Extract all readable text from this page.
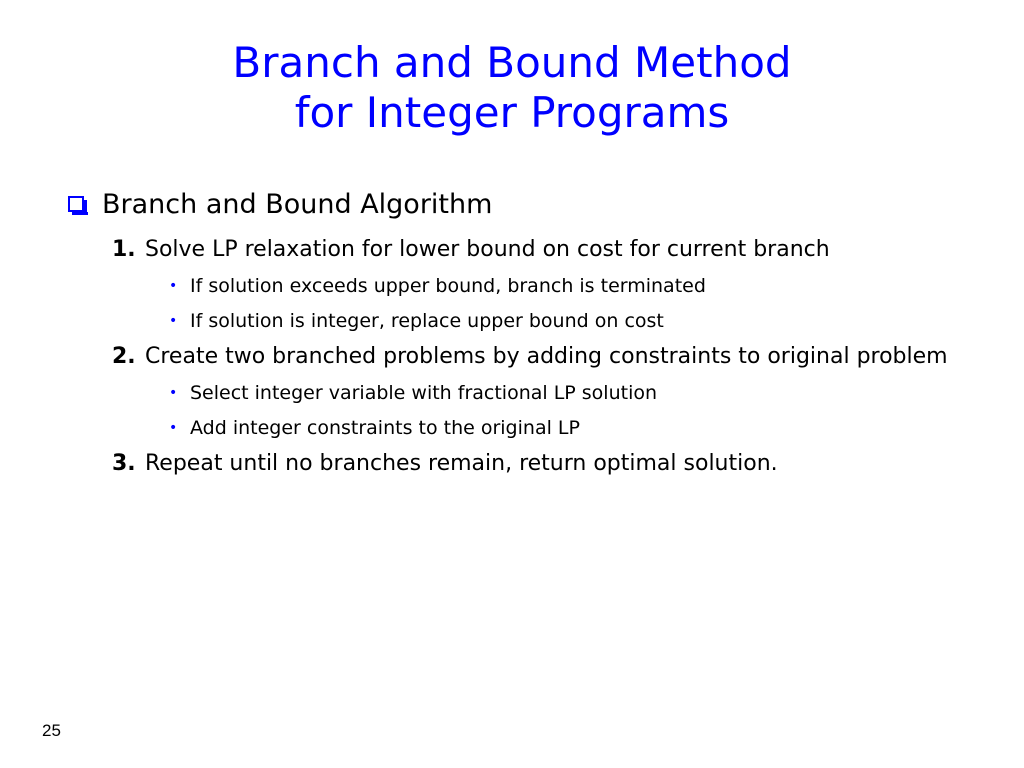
Branch and Bound Method
for Integer Programs
Branch and Bound Algorithm
1. Solve LP relaxation for lower bound on cost for current branch
• If solution exceeds upper bound, branch is terminated
• If solution is integer, replace upper bound on cost
2. Create two branched problems by adding constraints to original problem
• Select integer variable with fractional LP solution
• Add integer constraints to the original LP
3. Repeat until no branches remain, return optimal solution.
25
